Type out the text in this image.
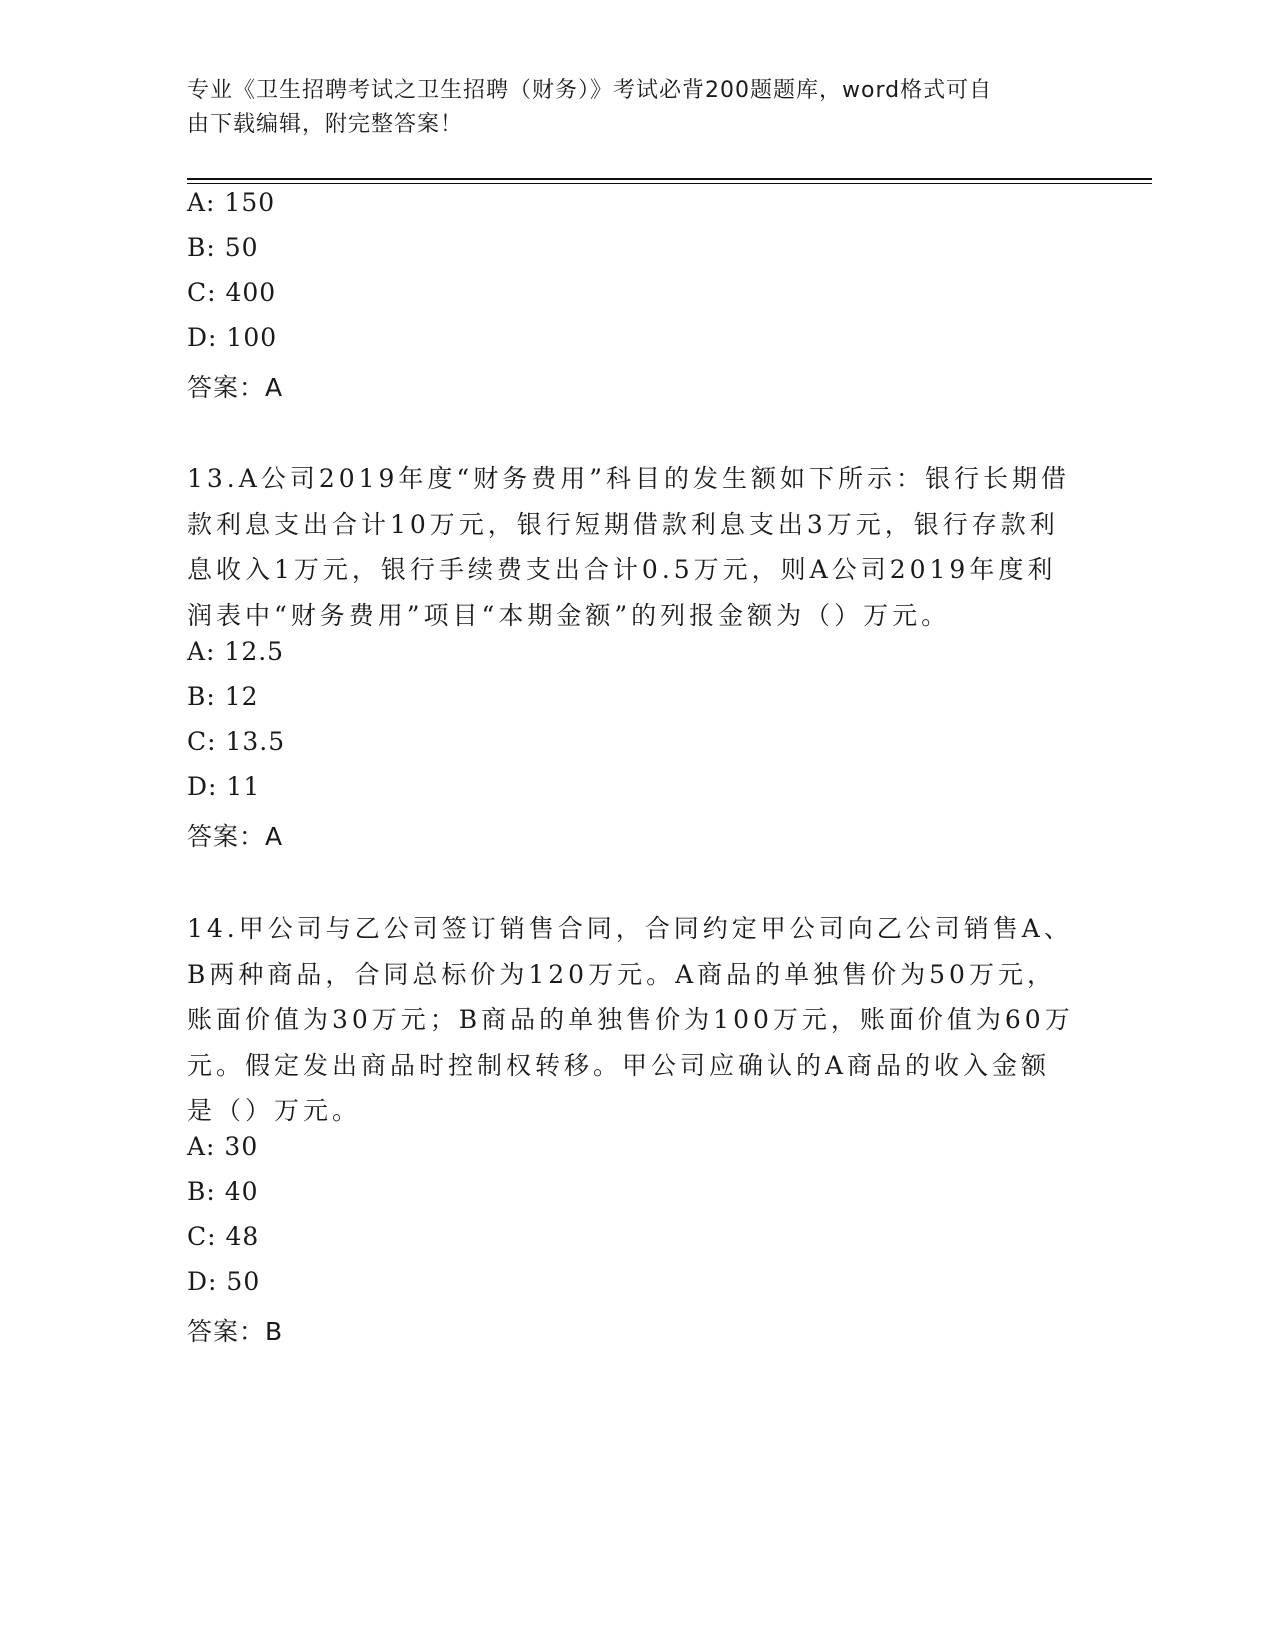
专业《卫生招聘考试之卫生招聘（财务）》考试必背200题题库，word格式可自
由下载编辑，附完整答案！
A: 150
B: 50
C: 400
D: 100
答案：A
13.A公司2019年度“财务费用”科目的发生额如下所示：银行长期借
款利息支出合计10万元，银行短期借款利息支出3万元，银行存款利
息收入1万元，银行手续费支出合计0.5万元，则A公司2019年度利
润表中“财务费用”项目“本期金额”的列报金额为（）万元。
A: 12.5
B: 12
C: 13.5
D: 11
答案：A
14.甲公司与乙公司签订销售合同，合同约定甲公司向乙公司销售A、
B两种商品，合同总标价为120万元。A商品的单独售价为50万元，
账面价值为30万元；B商品的单独售价为100万元，账面价值为60万
元。假定发出商品时控制权转移。甲公司应确认的A商品的收入金额
是（）万元。
A: 30
B: 40
C: 48
D: 50
答案：B
